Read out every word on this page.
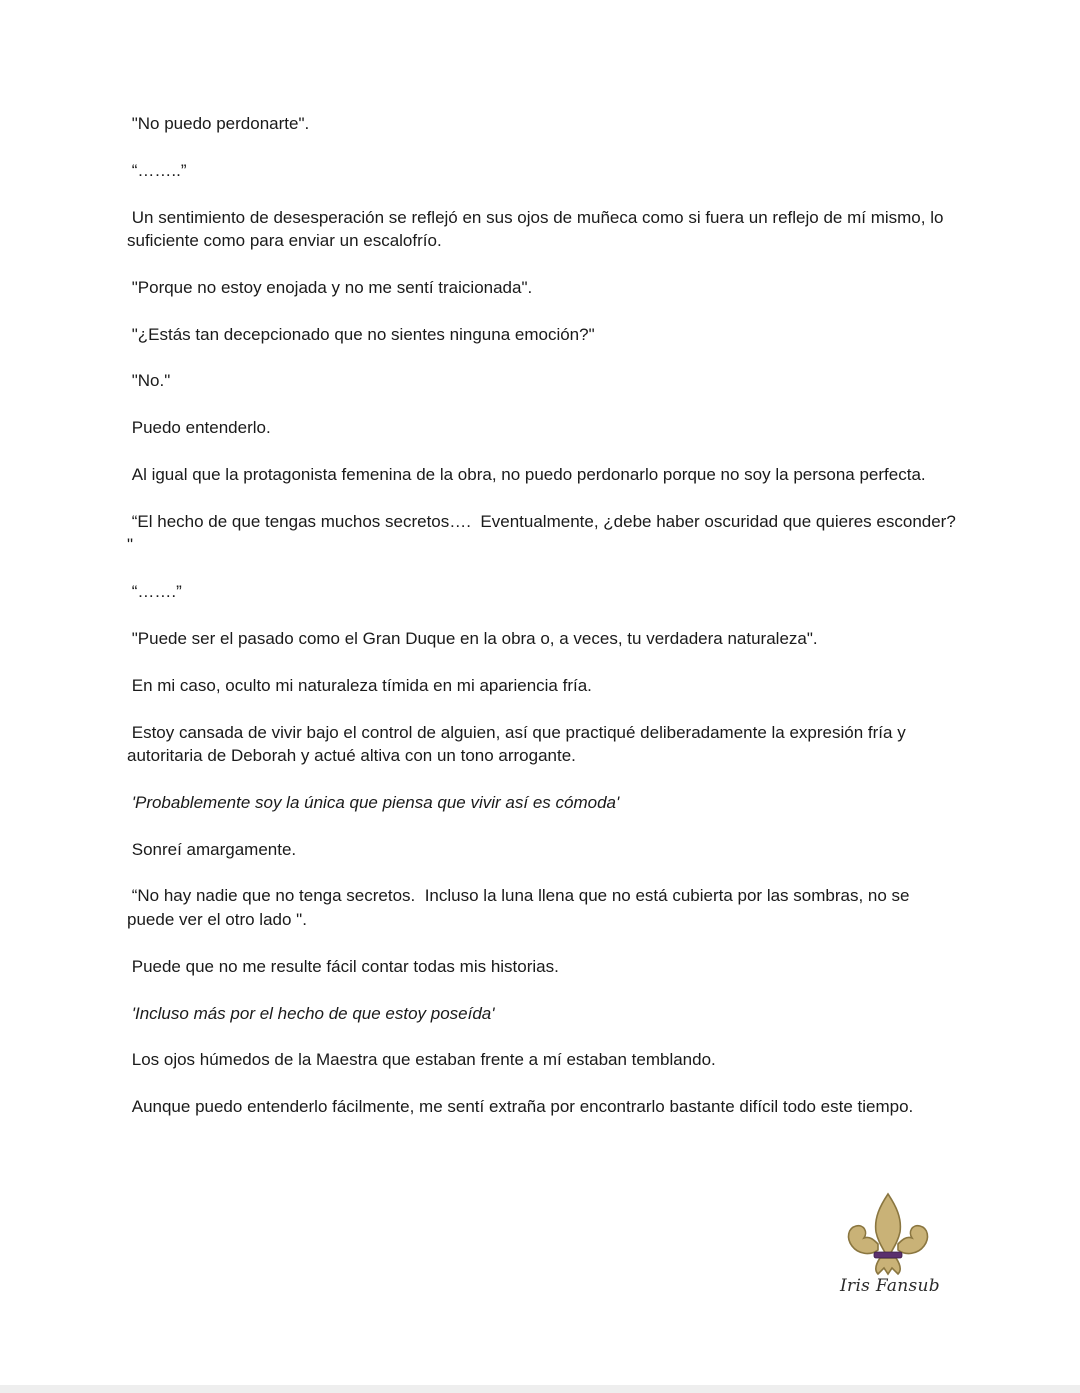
"No puedo perdonarte".

“……..”

Un sentimiento de desesperación se reflejó en sus ojos de muñeca como si fuera un reflejo de mí mismo, lo suficiente como para enviar un escalofrío.

"Porque no estoy enojada y no me sentí traicionada".

"¿Estás tan decepcionado que no sientes ninguna emoción?"

"No."

Puedo entenderlo.

Al igual que la protagonista femenina de la obra, no puedo perdonarlo porque no soy la persona perfecta.

“El hecho de que tengas muchos secretos….  Eventualmente, ¿debe haber oscuridad que quieres esconder? "

“…….”

"Puede ser el pasado como el Gran Duque en la obra o, a veces, tu verdadera naturaleza".

En mi caso, oculto mi naturaleza tímida en mi apariencia fría.

Estoy cansada de vivir bajo el control de alguien, así que practiqué deliberadamente la expresión fría y autoritaria de Deborah y actué altiva con un tono arrogante.

'Probablemente soy la única que piensa que vivir así es cómoda'

Sonreí amargamente.

“No hay nadie que no tenga secretos.  Incluso la luna llena que no está cubierta por las sombras, no se puede ver el otro lado ".

Puede que no me resulte fácil contar todas mis historias.

'Incluso más por el hecho de que estoy poseída'

Los ojos húmedos de la Maestra que estaban frente a mí estaban temblando.

Aunque puedo entenderlo fácilmente, me sentí extraña por encontrarlo bastante difícil todo este tiempo.

Iris Fansub
